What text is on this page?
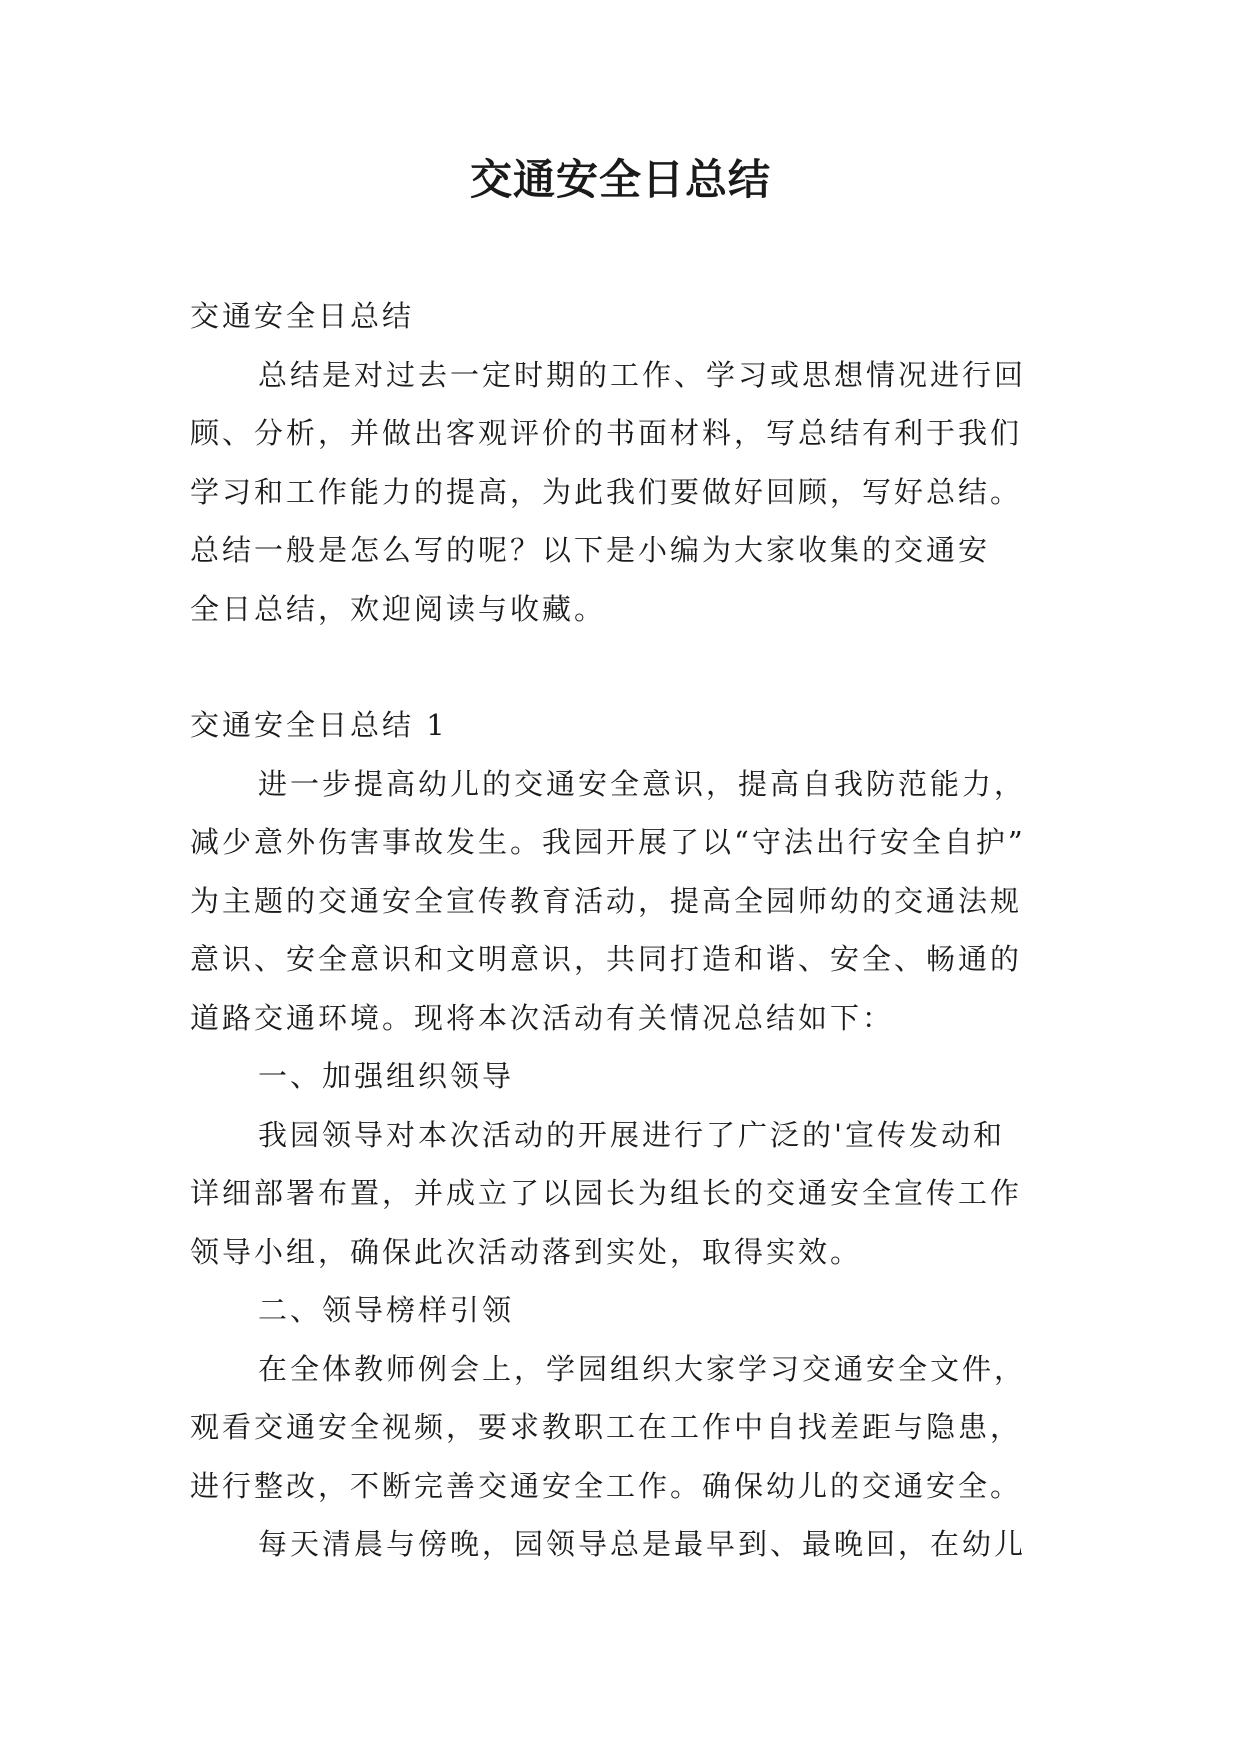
交通安全日总结

交通安全日总结

总结是对过去一定时期的工作、学习或思想情况进行回

顾、分析，并做出客观评价的书面材料，写总结有利于我们

学习和工作能力的提高，为此我们要做好回顾，写好总结。

总结一般是怎么写的呢？以下是小编为大家收集的交通安

全日总结，欢迎阅读与收藏。

交通安全日总结 1

进一步提高幼儿的交通安全意识，提高自我防范能力，

减少意外伤害事故发生。我园开展了以“守法出行安全自护”

为主题的交通安全宣传教育活动，提高全园师幼的交通法规

意识、安全意识和文明意识，共同打造和谐、安全、畅通的

道路交通环境。现将本次活动有关情况总结如下：

一、加强组织领导

我园领导对本次活动的开展进行了广泛的'宣传发动和

详细部署布置，并成立了以园长为组长的交通安全宣传工作

领导小组，确保此次活动落到实处，取得实效。

二、领导榜样引领

在全体教师例会上，学园组织大家学习交通安全文件，

观看交通安全视频，要求教职工在工作中自找差距与隐患，

进行整改，不断完善交通安全工作。确保幼儿的交通安全。

每天清晨与傍晚，园领导总是最早到、最晚回，在幼儿
